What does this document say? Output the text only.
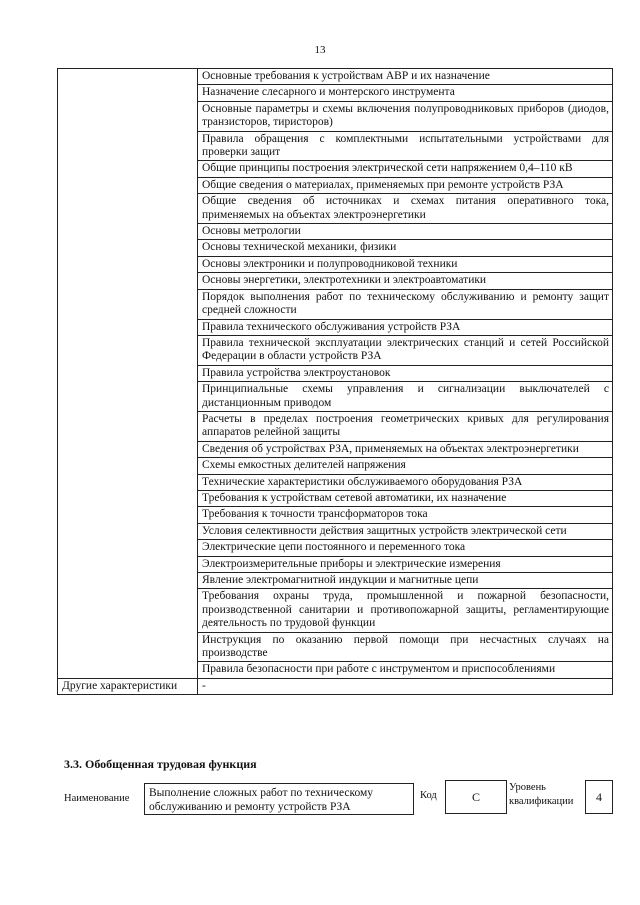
13
	Основные требования к устройствам АВР и их назначение
	Назначение слесарного и монтерского инструмента
	Основные параметры и схемы включения полупроводниковых приборов (диодов, транзисторов, тиристоров)
	Правила обращения с комплектными испытательными устройствами для проверки защит
	Общие принципы построения электрической сети напряжением 0,4–110 кВ
	Общие сведения о материалах, применяемых при ремонте устройств РЗА
	Общие сведения об источниках и схемах питания оперативного тока, применяемых на объектах электроэнергетики
	Основы метрологии
	Основы технической механики, физики
	Основы электроники и полупроводниковой техники
	Основы энергетики, электротехники и электроавтоматики
	Порядок выполнения работ по техническому обслуживанию и ремонту защит средней сложности
	Правила технического обслуживания устройств РЗА
	Правила технической эксплуатации электрических станций и сетей Российской Федерации в области устройств РЗА
	Правила устройства электроустановок
	Принципиальные схемы управления и сигнализации выключателей с дистанционным приводом
	Расчеты в пределах построения геометрических кривых для регулирования аппаратов релейной защиты
	Сведения об устройствах РЗА, применяемых на объектах электроэнергетики
	Схемы емкостных делителей напряжения
	Технические характеристики обслуживаемого оборудования РЗА
	Требования к устройствам сетевой автоматики, их назначение
	Требования к точности трансформаторов тока
	Условия селективности действия защитных устройств электрической сети
	Электрические цепи постоянного и переменного тока
	Электроизмерительные приборы и электрические измерения
	Явление электромагнитной индукции и магнитные цепи
	Требования охраны труда, промышленной и пожарной безопасности, производственной санитарии и противопожарной защиты, регламентирующие деятельность по трудовой функции
	Инструкция по оказанию первой помощи при несчастных случаях на производстве
	Правила безопасности при работе с инструментом и приспособлениями
Другие характеристики	-
3.3. Обобщенная трудовая функция
Наименование	Выполнение сложных работ по техническому обслуживанию и ремонту устройств РЗА
Код	С
Уровень
квалификации	4
